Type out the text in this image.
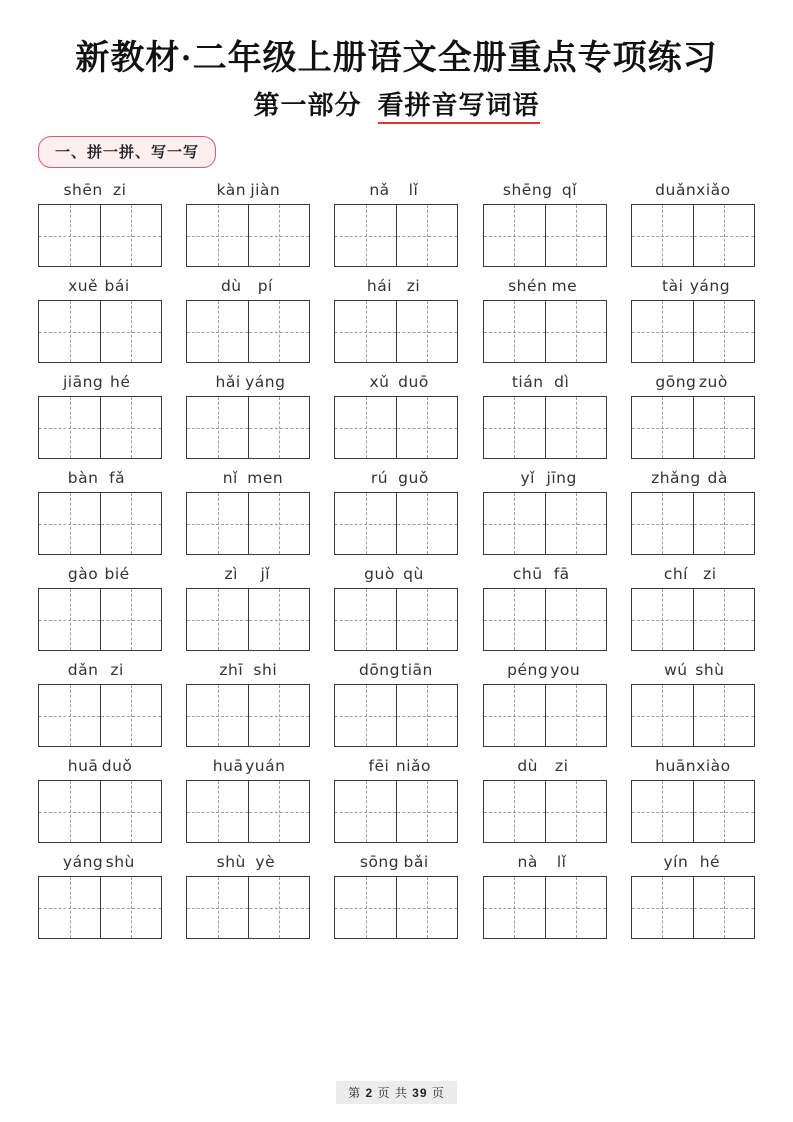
新教材·二年级上册语文全册重点专项练习
第一部分 看拼音写词语
一、拼一拼、写一写
shēn zi	kàn jiàn	nǎ lǐ	shēng qǐ	duǎnxiǎo
xuě bái	dù pí	hái zi	shén me	tài yáng
jiāng hé	hǎi yáng	xǔ duō	tián dì	gōng zuò
bàn fǎ	nǐ men	rú guǒ	yǐ jīng	zhǎng dà
gào bié	zì jǐ	guò qù	chū fā	chí zi
dǎn zi	zhī shi	dōngtiān	péng you	wú shù
huā duǒ	huā yuán	fēi niǎo	dù zi	huānxiào
yáng shù	shù yè	sōng bǎi	nà lǐ	yín hé
第 2 页 共 39 页
